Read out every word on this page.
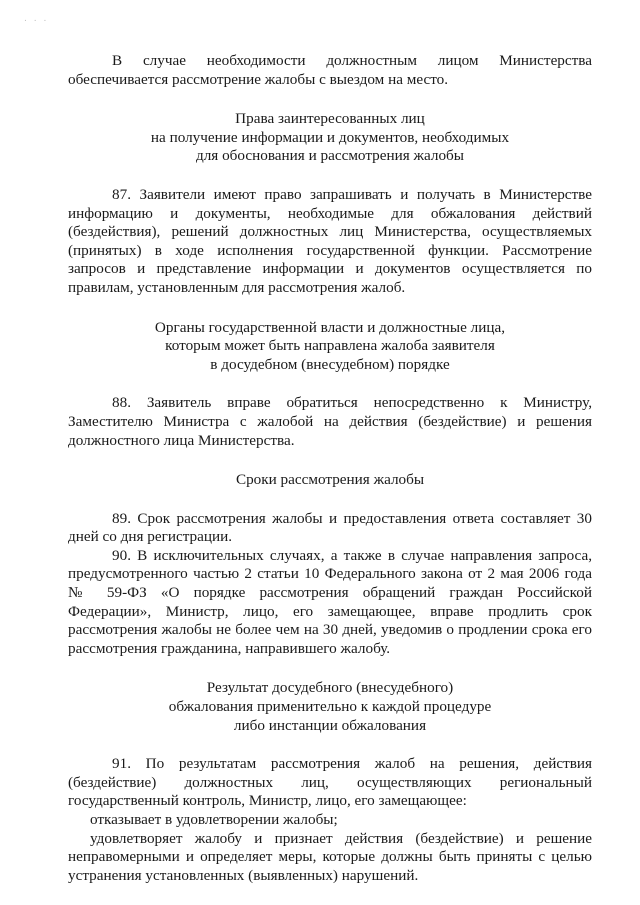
. . .

В случае необходимости должностным лицом Министерства обеспечивается рассмотрение жалобы с выездом на место.

Права заинтересованных лиц
на получение информации и документов, необходимых
для обоснования и рассмотрения жалобы

87. Заявители имеют право запрашивать и получать в Министерстве информацию и документы, необходимые для обжалования действий (бездействия), решений должностных лиц Министерства, осуществляемых (принятых) в ходе исполнения государственной функции. Рассмотрение запросов и представление информации и документов осуществляется по правилам, установленным для рассмотрения жалоб.

Органы государственной власти и должностные лица,
которым может быть направлена жалоба заявителя
в досудебном (внесудебном) порядке

88. Заявитель вправе обратиться непосредственно к Министру, Заместителю Министра с жалобой на действия (бездействие) и решения должностного лица Министерства.

Сроки рассмотрения жалобы

89. Срок рассмотрения жалобы и предоставления ответа составляет 30 дней со дня регистрации.

90. В исключительных случаях, а также в случае направления запроса, предусмотренного частью 2 статьи 10 Федерального закона от 2 мая 2006 года № 59-ФЗ «О порядке рассмотрения обращений граждан Российской Федерации», Министр, лицо, его замещающее, вправе продлить срок рассмотрения жалобы не более чем на 30 дней, уведомив о продлении срока его рассмотрения гражданина, направившего жалобу.

Результат досудебного (внесудебного)
обжалования применительно к каждой процедуре
либо инстанции обжалования

91. По результатам рассмотрения жалоб на решения, действия (бездействие) должностных лиц, осуществляющих региональный государственный контроль, Министр, лицо, его замещающее:

отказывает в удовлетворении жалобы;

удовлетворяет жалобу и признает действия (бездействие) и решение неправомерными и определяет меры, которые должны быть приняты с целью устранения установленных (выявленных) нарушений.
